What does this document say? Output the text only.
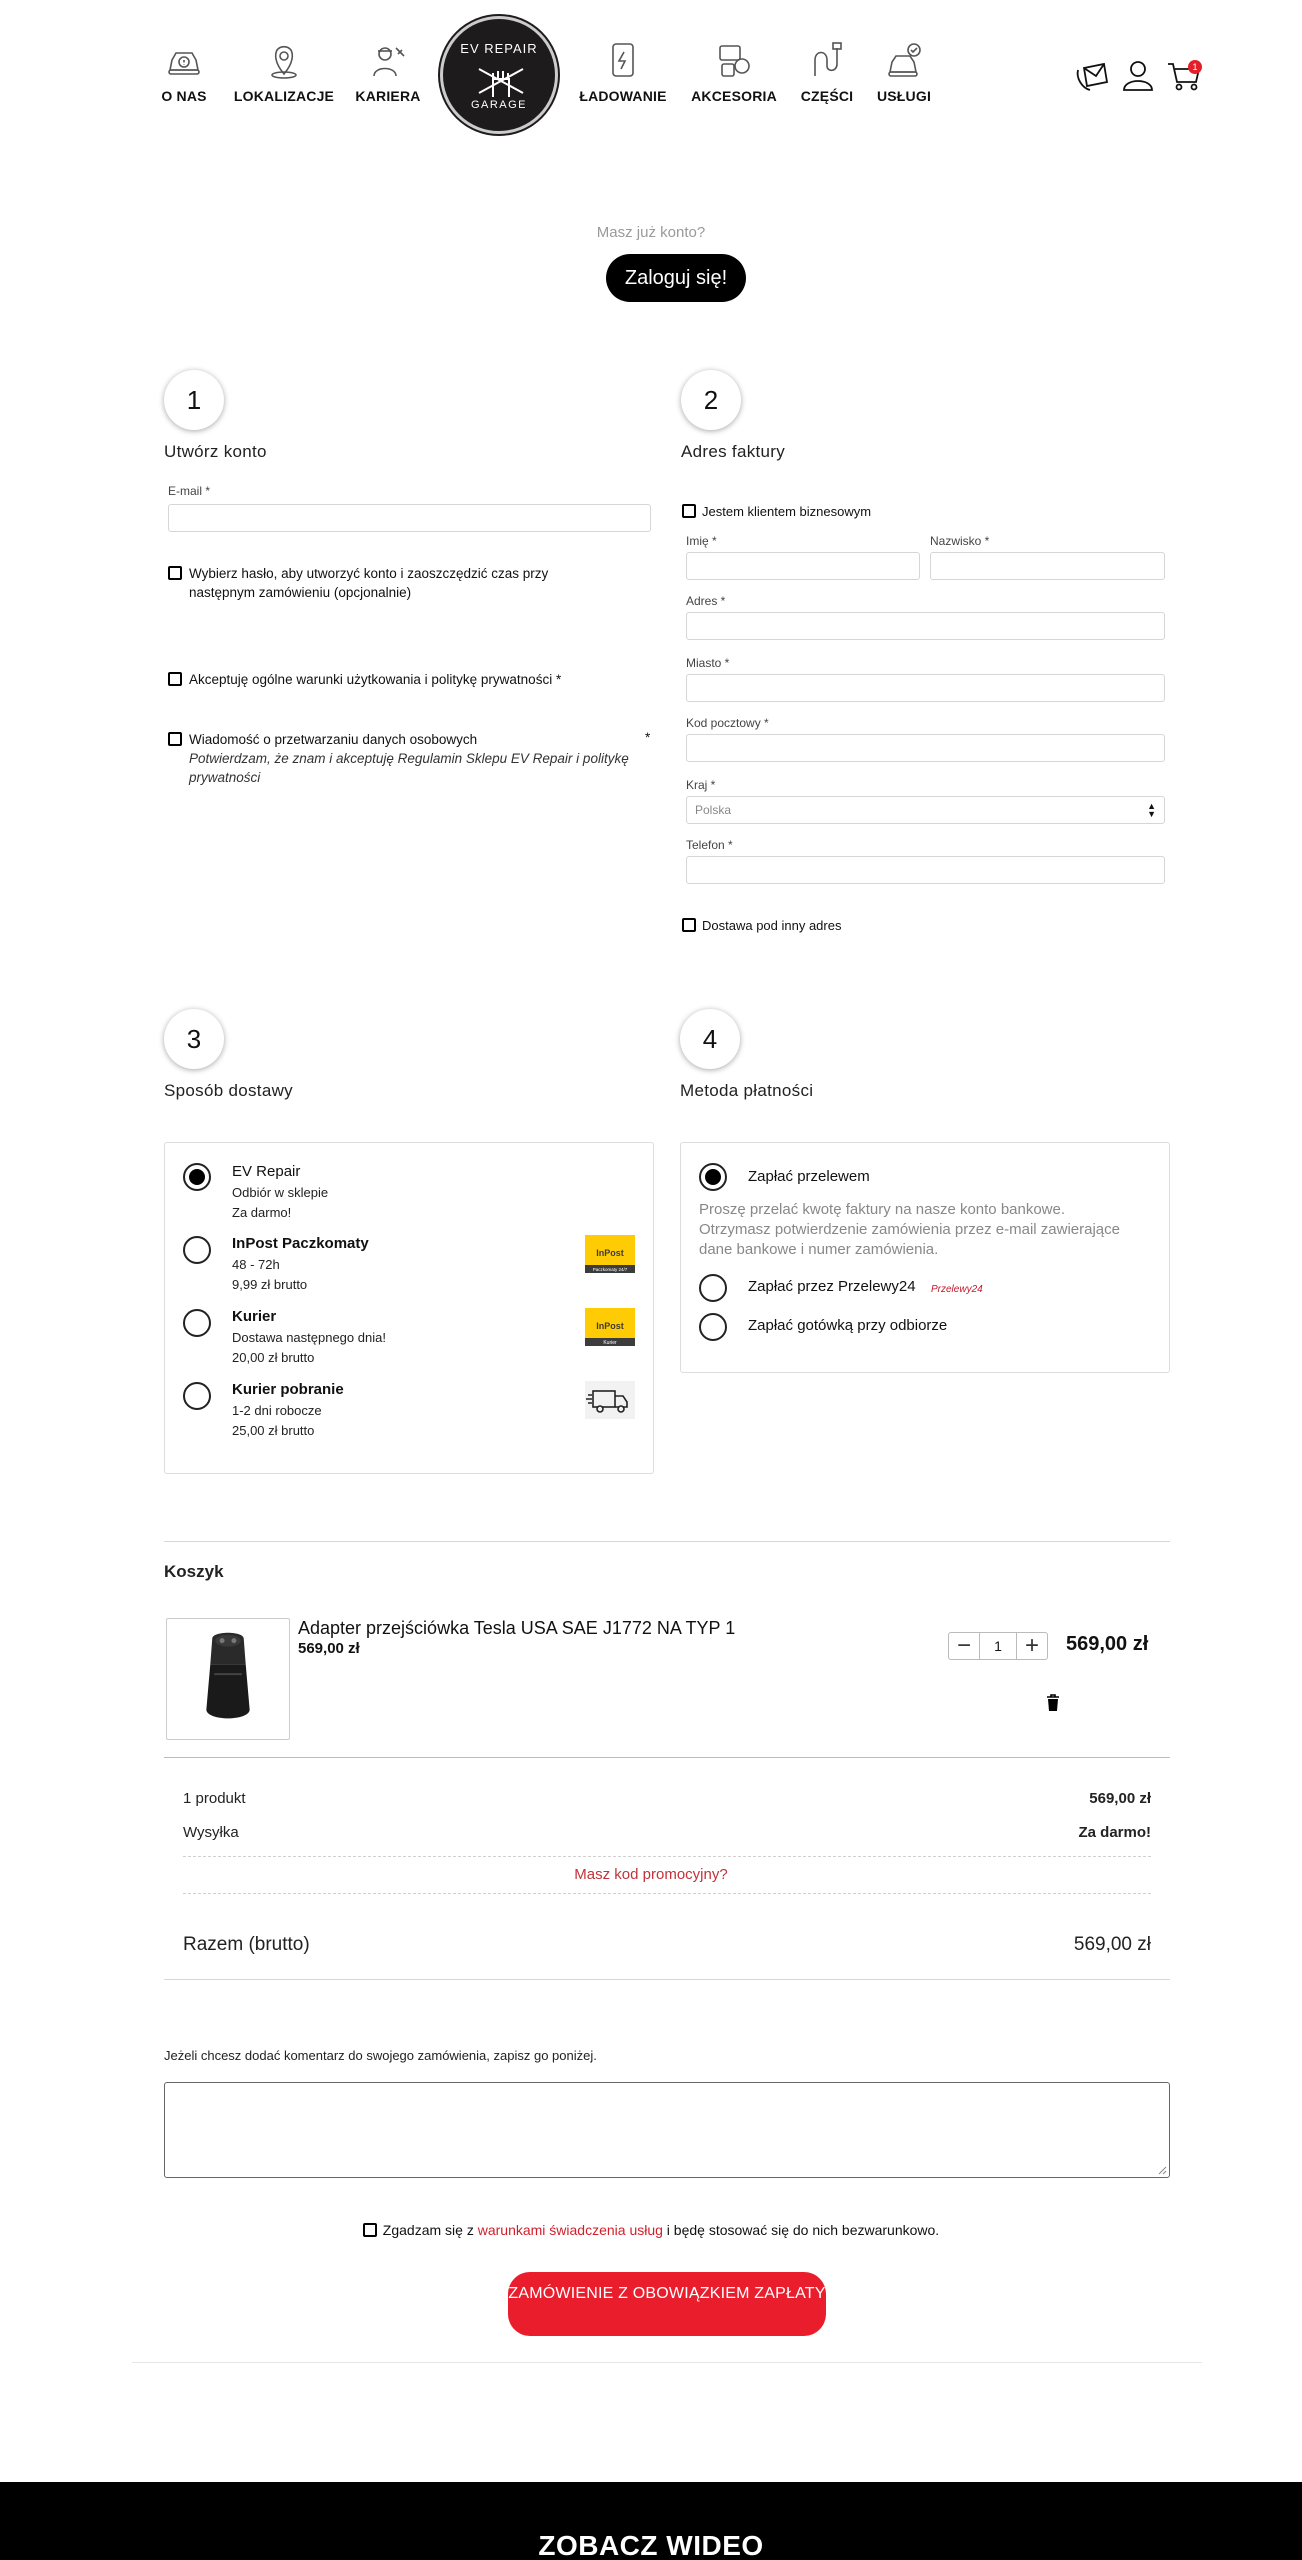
O NAS	LOKALIZACJE	KARIERA
EV REPAIR
GARAGE
ŁADOWANIE	AKCESORIA	CZĘŚCI	USŁUGI
1
Masz już konto?
Zaloguj się!
1
Utwórz konto
E-mail *
Wybierz hasło, aby utworzyć konto i zaoszczędzić czas przy następnym zamówieniu (opcjonalnie)
Akceptuję ogólne warunki użytkowania i politykę prywatności *
Wiadomość o przetwarzaniu danych osobowych
Potwierdzam, że znam i akceptuję Regulamin Sklepu EV Repair i politykę prywatności
*
2
Adres faktury
Jestem klientem biznesowym
Imię *	Nazwisko *
Adres *
Miasto *
Kod pocztowy *
Kraj *
Polska	▲
▼
Telefon *
Dostawa pod inny adres
3
Sposób dostawy
EV Repair
Odbiór w sklepie
Za darmo!
InPost Paczkomaty
48 - 72h
9,99 zł brutto
InPost
Paczkomaty 24/7
Kurier
Dostawa następnego dnia!
20,00 zł brutto
InPost
Kurier
Kurier pobranie
1-2 dni robocze
25,00 zł brutto
4
Metoda płatności
Zapłać przelewem
Proszę przelać kwotę faktury na nasze konto bankowe. Otrzymasz potwierdzenie zamówienia przez e-mail zawierające dane bankowe i numer zamówienia.
Zapłać przez Przelewy24 Przelewy24
Zapłać gotówką przy odbiorze
Koszyk
Adapter przejściówka Tesla USA SAE J1772 NA TYP 1
569,00 zł	−	1 +	569,00 zł
1 produkt	569,00 zł
Wysyłka	Za darmo!
Masz kod promocyjny?
Razem (brutto)	569,00 zł
Jeżeli chcesz dodać komentarz do swojego zamówienia, zapisz go poniżej.
Zgadzam się z warunkami świadczenia usług i będę stosować się do nich bezwarunkowo.
ZAMÓWIENIE Z OBOWIĄZKIEM ZAPŁATY
ZOBACZ WIDEO
